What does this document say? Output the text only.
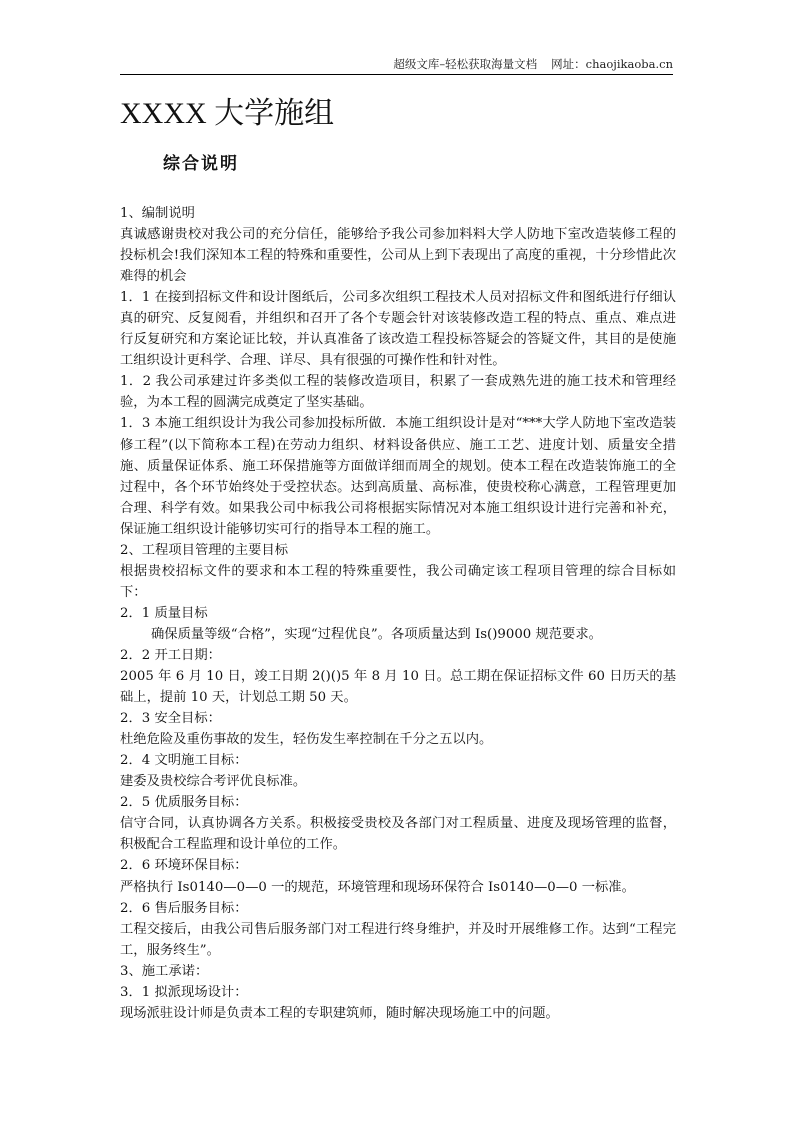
超级文库–轻松获取海量文档 网址：chaojikaoba.cn
XXXX 大学施组
综合说明

1、编制说明

真诚感谢贵校对我公司的充分信任，能够给予我公司参加料料大学人防地下室改造装修工程的投标机会!我们深知本工程的特殊和重要性，公司从上到下表现出了高度的重视，十分珍惜此次难得的机会

1．1 在接到招标文件和设计图纸后，公司多次组织工程技术人员对招标文件和图纸进行仔细认真的研究、反复阅看，并组织和召开了各个专题会针对该装修改造工程的特点、重点、难点进行反复研究和方案论证比较，并认真准备了该改造工程投标答疑会的答疑文件，其目的是使施工组织设计更科学、合理、详尽、具有很强的可操作性和针对性。

1．2 我公司承建过许多类似工程的装修改造项目，积累了一套成熟先进的施工技术和管理经验，为本工程的圆满完成奠定了坚实基础。

1．3 本施工组织设计为我公司参加投标所做．本施工组织设计是对“***大学人防地下室改造装修工程”(以下简称本工程)在劳动力组织、材料设备供应、施工工艺、进度计划、质量安全措施、质量保证体系、施工环保措施等方面做详细而周全的规划。使本工程在改造装饰施工的全过程中，各个环节始终处于受控状态。达到高质量、高标准，使贵校称心满意，工程管理更加合理、科学有效。如果我公司中标我公司将根据实际情况对本施工组织设计进行完善和补充，保证施工组织设计能够切实可行的指导本工程的施工。

2、工程项目管理的主要目标

根据贵校招标文件的要求和本工程的特殊重要性，我公司确定该工程项目管理的综合目标如下：

2．1 质量目标

确保质量等级“合格”，实现“过程优良”。各项质量达到 Is()9000 规范要求。

2．2 开工日期：

2005 年 6 月 10 日，竣工日期 2()()5 年 8 月 10 日。总工期在保证招标文件 60 日历天的基础上，提前 10 天，计划总工期 50 天。

2．3 安全目标：

杜绝危险及重伤事故的发生，轻伤发生率控制在千分之五以内。

2．4 文明施工目标：

建委及贵校综合考评优良标准。

2．5 优质服务目标：

信守合同，认真协调各方关系。积极接受贵校及各部门对工程质量、进度及现场管理的监督，积极配合工程监理和设计单位的工作。

2．6 环境环保目标：

严格执行 Is0140—0—0 一的规范，环境管理和现场环保符合 Is0140—0—0 一标准。

2．6 售后服务目标：

工程交接后，由我公司售后服务部门对工程进行终身维护，并及时开展维修工作。达到“工程完工，服务终生”。

3、施工承诺：

3．1 拟派现场设计：

现场派驻设计师是负责本工程的专职建筑师，随时解决现场施工中的问题。
